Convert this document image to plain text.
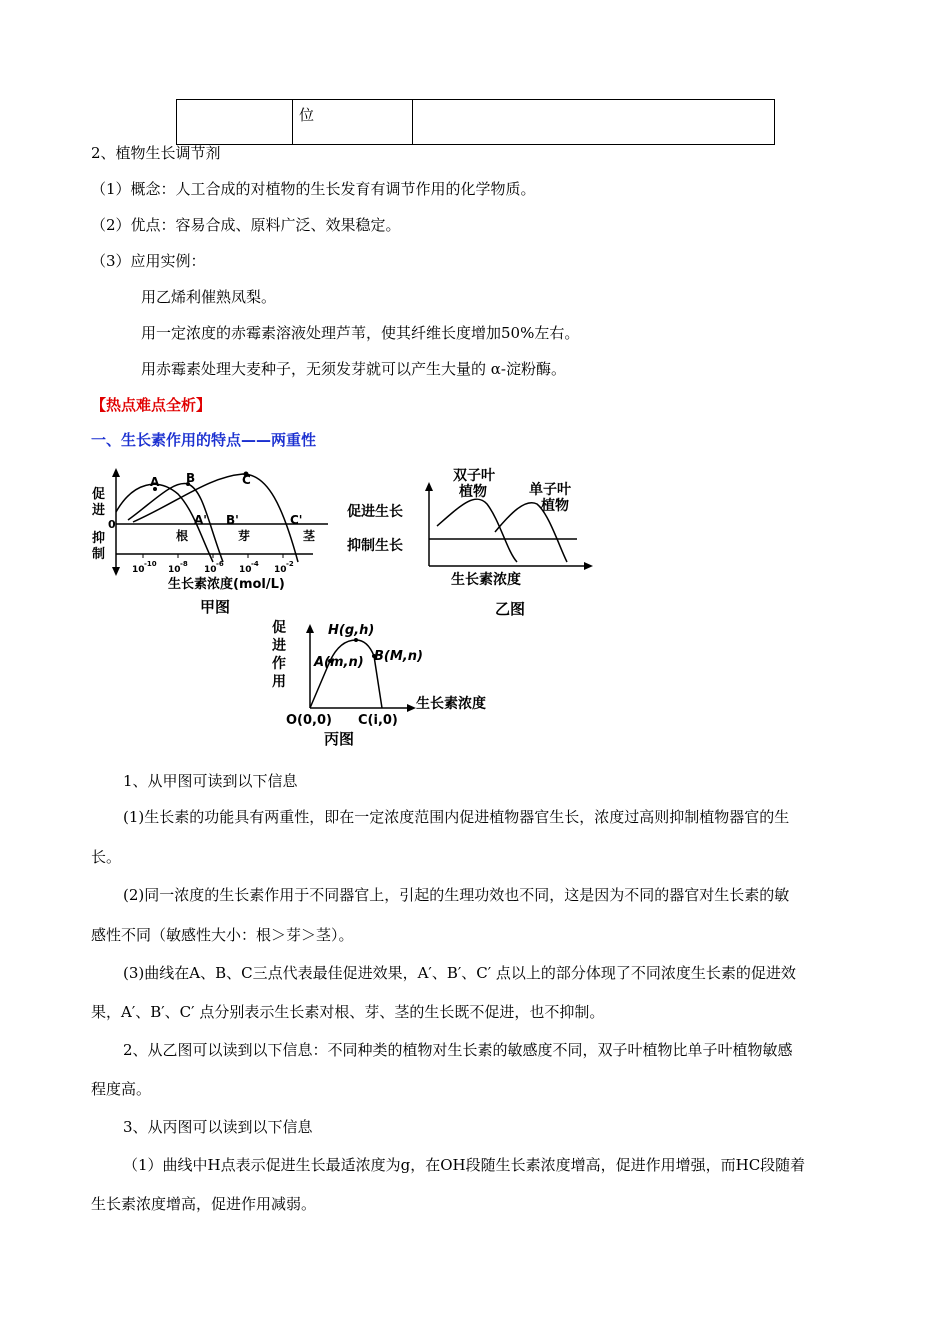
	位	
2、植物生长调节剂
（1）概念：人工合成的对植物的生长发育有调节作用的化学物质。
（2）优点：容易合成、原料广泛、效果稳定。
（3）应用实例：
用乙烯利催熟凤梨。
用一定浓度的赤霉素溶液处理芦苇，使其纤维长度增加50%左右。
用赤霉素处理大麦种子，无须发芽就可以产生大量的 α-淀粉酶。
【热点难点全析】
一、生长素作用的特点——两重性
促
进
0
抑
制
A B	C
A' B'	C'
根	芽	茎
10
-10
10
-8
10
-6
10
-4
10
-2
生长素浓度(mol/L)
甲图
双子叶
植物	单子叶
植物
促进生长
抑制生长
生长素浓度
乙图
促
进
作
用
H(g,h)
A(m,n) B(M,n)
O(0,0) C(i,0)
生长素浓度
丙图
1、从甲图可读到以下信息
(1)生长素的功能具有两重性，即在一定浓度范围内促进植物器官生长，浓度过高则抑制植物器官的生
长。
(2)同一浓度的生长素作用于不同器官上，引起的生理功效也不同，这是因为不同的器官对生长素的敏
感性不同（敏感性大小：根＞芽＞茎）。
(3)曲线在A、B、C三点代表最佳促进效果，A′、B′、C′ 点以上的部分体现了不同浓度生长素的促进效
果，A′、B′、C′ 点分别表示生长素对根、芽、茎的生长既不促进，也不抑制。
2、从乙图可以读到以下信息：不同种类的植物对生长素的敏感度不同，双子叶植物比单子叶植物敏感
程度高。
3、从丙图可以读到以下信息
（1）曲线中H点表示促进生长最适浓度为g，在OH段随生长素浓度增高，促进作用增强，而HC段随着
生长素浓度增高，促进作用减弱。
